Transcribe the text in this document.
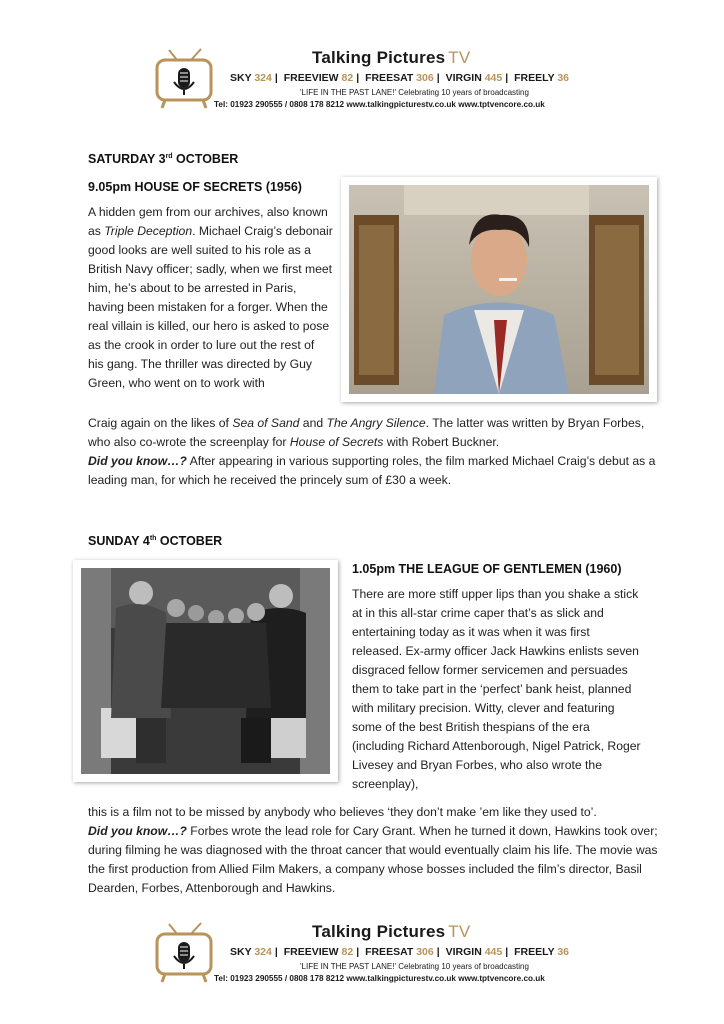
Talking Pictures TV
SKY 324 | FREEVIEW 82 | FREESAT 306 | VIRGIN 445 | FREELY 36
'LIFE IN THE PAST LANE!' Celebrating 10 years of broadcasting
Tel: 01923 290555 / 0808 178 8212 www.talkingpicturestv.co.uk www.tptvencore.co.uk
SATURDAY 3rd OCTOBER
9.05pm HOUSE OF SECRETS (1956)

A hidden gem from our archives, also known as Triple Deception. Michael Craig’s debonair good looks are well suited to his role as a British Navy officer; sadly, when we first meet him, he’s about to be arrested in Paris, having been mistaken for a forger. When the real villain is killed, our hero is asked to pose as the crook in order to lure out the rest of his gang. The thriller was directed by Guy Green, who went on to work with

Craig again on the likes of Sea of Sand and The Angry Silence. The latter was written by Bryan Forbes, who also co-wrote the screenplay for House of Secrets with Robert Buckner.
Did you know…? After appearing in various supporting roles, the film marked Michael Craig’s debut as a leading man, for which he received the princely sum of £30 a week.

SUNDAY 4th OCTOBER
1.05pm THE LEAGUE OF GENTLEMEN (1960)

There are more stiff upper lips than you shake a stick at in this all-star crime caper that’s as slick and entertaining today as it was when it was first released. Ex-army officer Jack Hawkins enlists seven disgraced fellow former servicemen and persuades them to take part in the ‘perfect’ bank heist, planned with military precision. Witty, clever and featuring some of the best British thespians of the era (including Richard Attenborough, Nigel Patrick, Roger Livesey and Bryan Forbes, who also wrote the screenplay),

this is a film not to be missed by anybody who believes ‘they don’t make ’em like they used to’.
Did you know…? Forbes wrote the lead role for Cary Grant. When he turned it down, Hawkins took over; during filming he was diagnosed with the throat cancer that would eventually claim his life. The movie was the first production from Allied Film Makers, a company whose bosses included the film’s director, Basil Dearden, Forbes, Attenborough and Hawkins.

Talking Pictures TV
SKY 324 | FREEVIEW 82 | FREESAT 306 | VIRGIN 445 | FREELY 36
'LIFE IN THE PAST LANE!' Celebrating 10 years of broadcasting
Tel: 01923 290555 / 0808 178 8212 www.talkingpicturestv.co.uk www.tptvencore.co.uk
